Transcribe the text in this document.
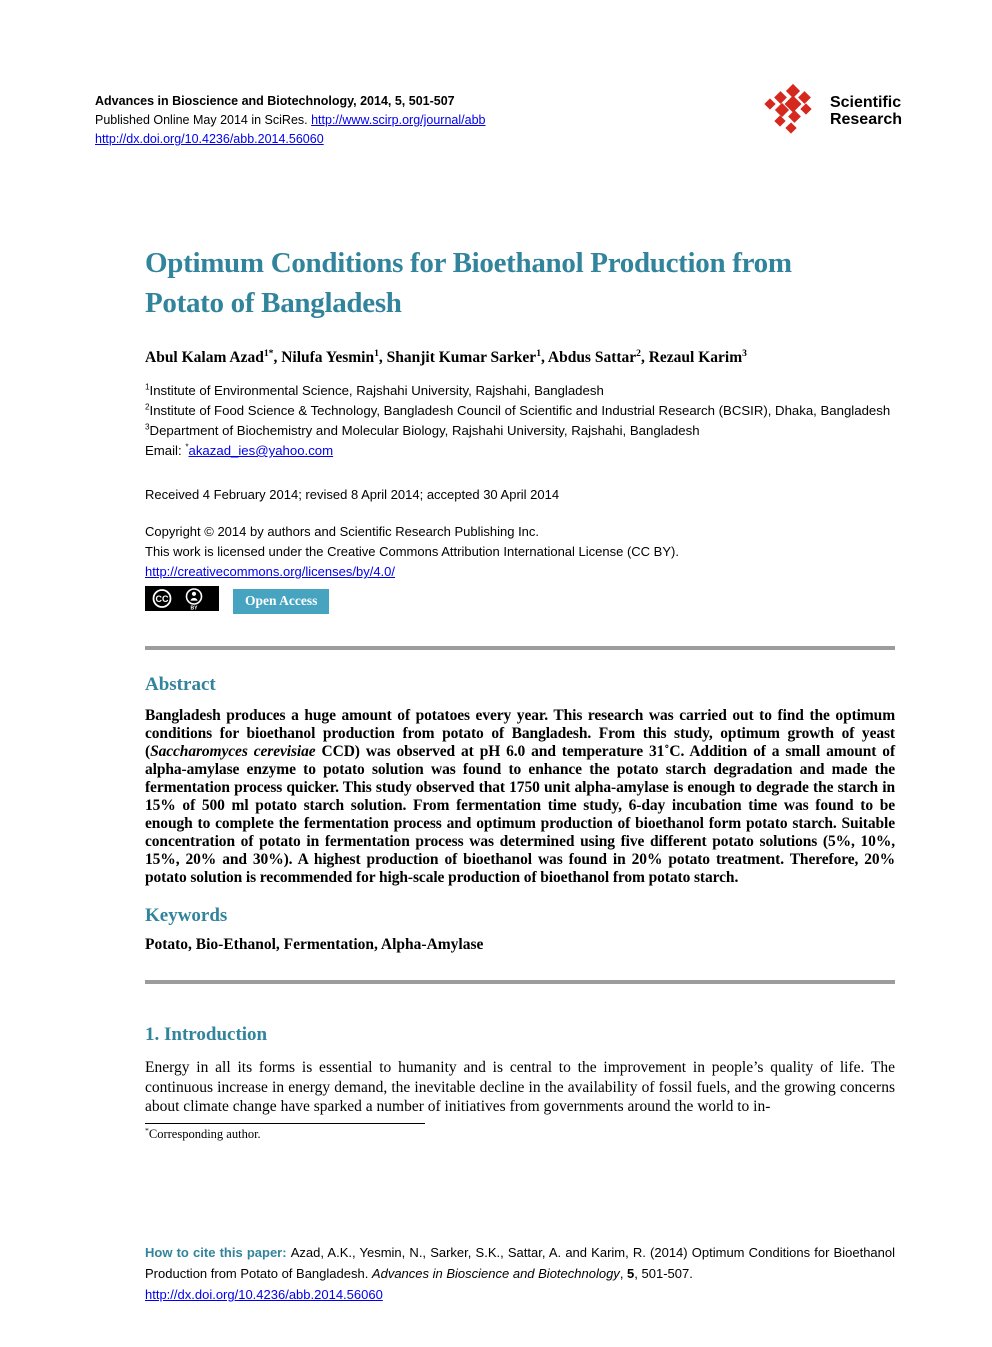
Advances in Bioscience and Biotechnology, 2014, 5, 501-507
Published Online May 2014 in SciRes. http://www.scirp.org/journal/abb
http://dx.doi.org/10.4236/abb.2014.56060
Scientific
Research
Optimum Conditions for Bioethanol Production from Potato of Bangladesh

Abul Kalam Azad$^{1*}$, Nilufa Yesmin$^1$, Shanjit Kumar Sarker$^1$, Abdus Sattar$^2$, Rezaul Karim$^3$

$^1$Institute of Environmental Science, Rajshahi University, Rajshahi, Bangladesh
$^2$Institute of Food Science & Technology, Bangladesh Council of Scientific and Industrial Research (BCSIR), Dhaka, Bangladesh
$^3$Department of Biochemistry and Molecular Biology, Rajshahi University, Rajshahi, Bangladesh
Email: *akazad_ies@yahoo.com

Received 4 February 2014; revised 8 April 2014; accepted 30 April 2014

Copyright © 2014 by authors and Scientific Research Publishing Inc.
This work is licensed under the Creative Commons Attribution International License (CC BY).
http://creativecommons.org/licenses/by/4.0/
CC
BY
Open Access
Abstract

Bangladesh produces a huge amount of potatoes every year. This research was carried out to find the optimum conditions for bioethanol production from potato of Bangladesh. From this study, optimum growth of yeast (Saccharomyces cerevisiae CCD) was observed at pH 6.0 and temperature 31˚C. Addition of a small amount of alpha-amylase enzyme to potato solution was found to enhance the potato starch degradation and made the fermentation process quicker. This study observed that 1750 unit alpha-amylase is enough to degrade the starch in 15% of 500 ml potato starch solution. From fermentation time study, 6-day incubation time was found to be enough to complete the fermentation process and optimum production of bioethanol form potato starch. Suitable concentration of potato in fermentation process was determined using five different potato solutions (5%, 10%, 15%, 20% and 30%). A highest production of bioethanol was found in 20% potato treatment. Therefore, 20% potato solution is recommended for high-scale production of bioethanol from potato starch.

Keywords

Potato, Bio-Ethanol, Fermentation, Alpha-Amylase

1. Introduction

Energy in all its forms is essential to humanity and is central to the improvement in people’s quality of life. The continuous increase in energy demand, the inevitable decline in the availability of fossil fuels, and the growing concerns about climate change have sparked a number of initiatives from governments around the world to in-

*Corresponding author.

How to cite this paper: Azad, A.K., Yesmin, N., Sarker, S.K., Sattar, A. and Karim, R. (2014) Optimum Conditions for Bioethanol Production from Potato of Bangladesh. Advances in Bioscience and Biotechnology, 5, 501-507.
http://dx.doi.org/10.4236/abb.2014.56060
